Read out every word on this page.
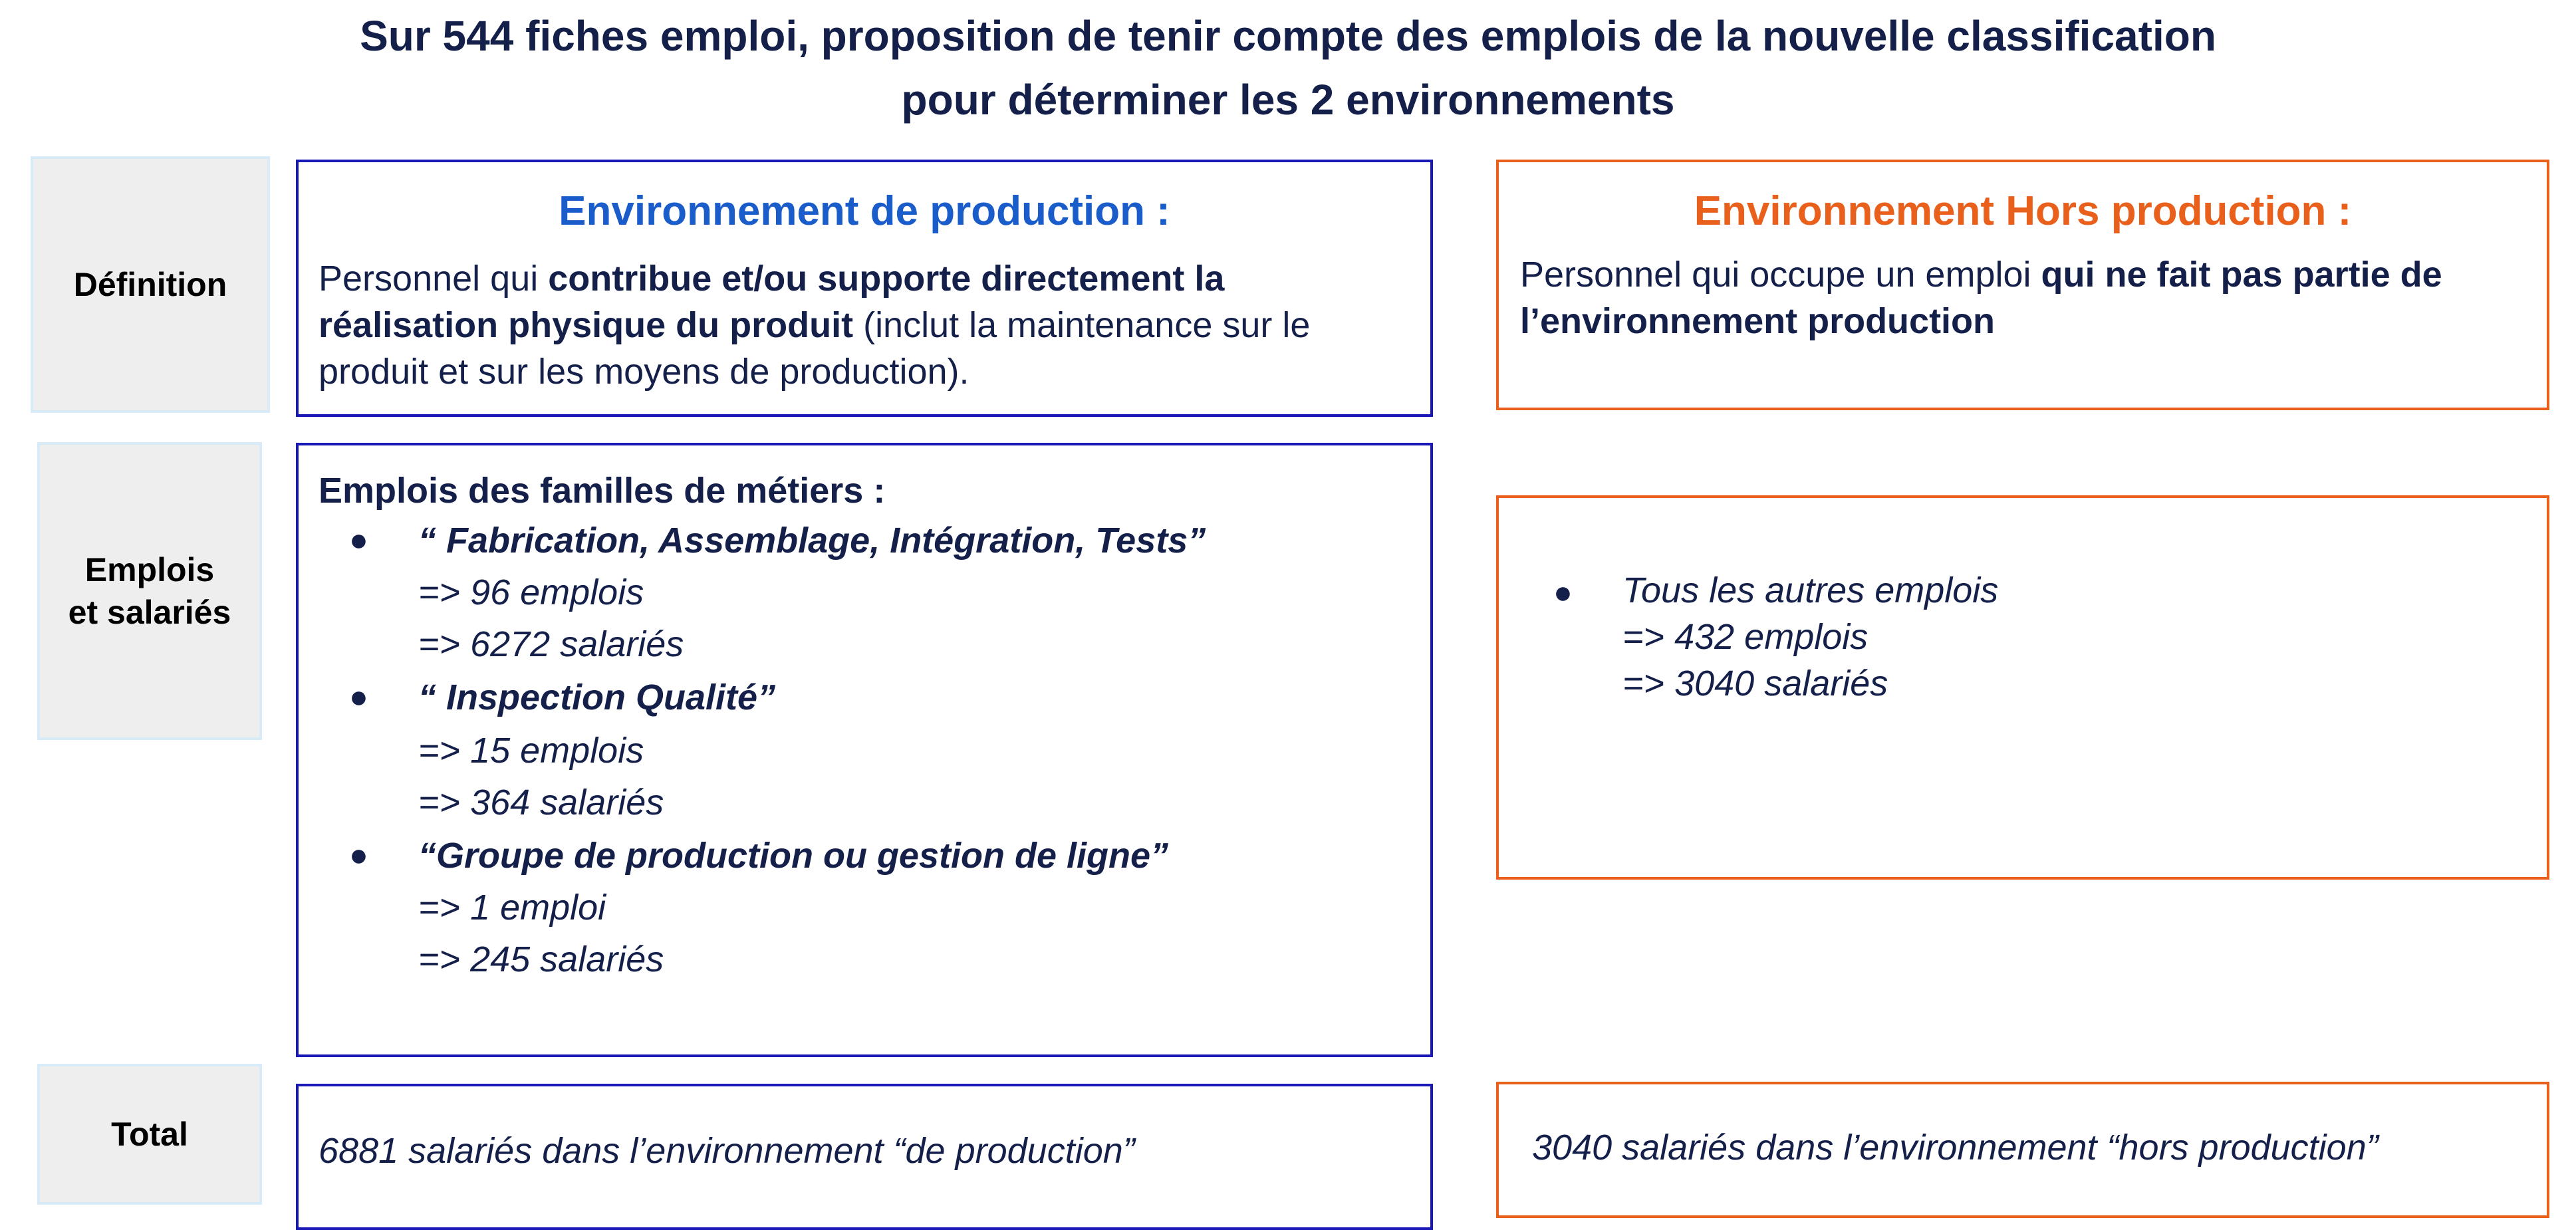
Sur 544 fiches emploi, proposition de tenir compte des emplois de la nouvelle classification
pour déterminer les 2 environnements
Définition
Emplois
et salariés
Total
Environnement de production :
Personnel qui contribue et/ou supporte directement la réalisation physique du produit (inclut la maintenance sur le produit et sur les moyens de production).
Environnement Hors production :
Personnel qui occupe un emploi qui ne fait pas partie de l’environnement production
Emplois des familles de métiers :
● “ Fabrication, Assemblage, Intégration, Tests”
=> 96 emplois
=> 6272 salariés
● “ Inspection Qualité”
=> 15 emplois
=> 364 salariés
● “Groupe de production ou gestion de ligne”
=> 1 emploi
=> 245 salariés
● Tous les autres emplois
=> 432 emplois
=> 3040 salariés
6881 salariés dans l’environnement “de production”	3040 salariés dans l’environnement “hors production”
